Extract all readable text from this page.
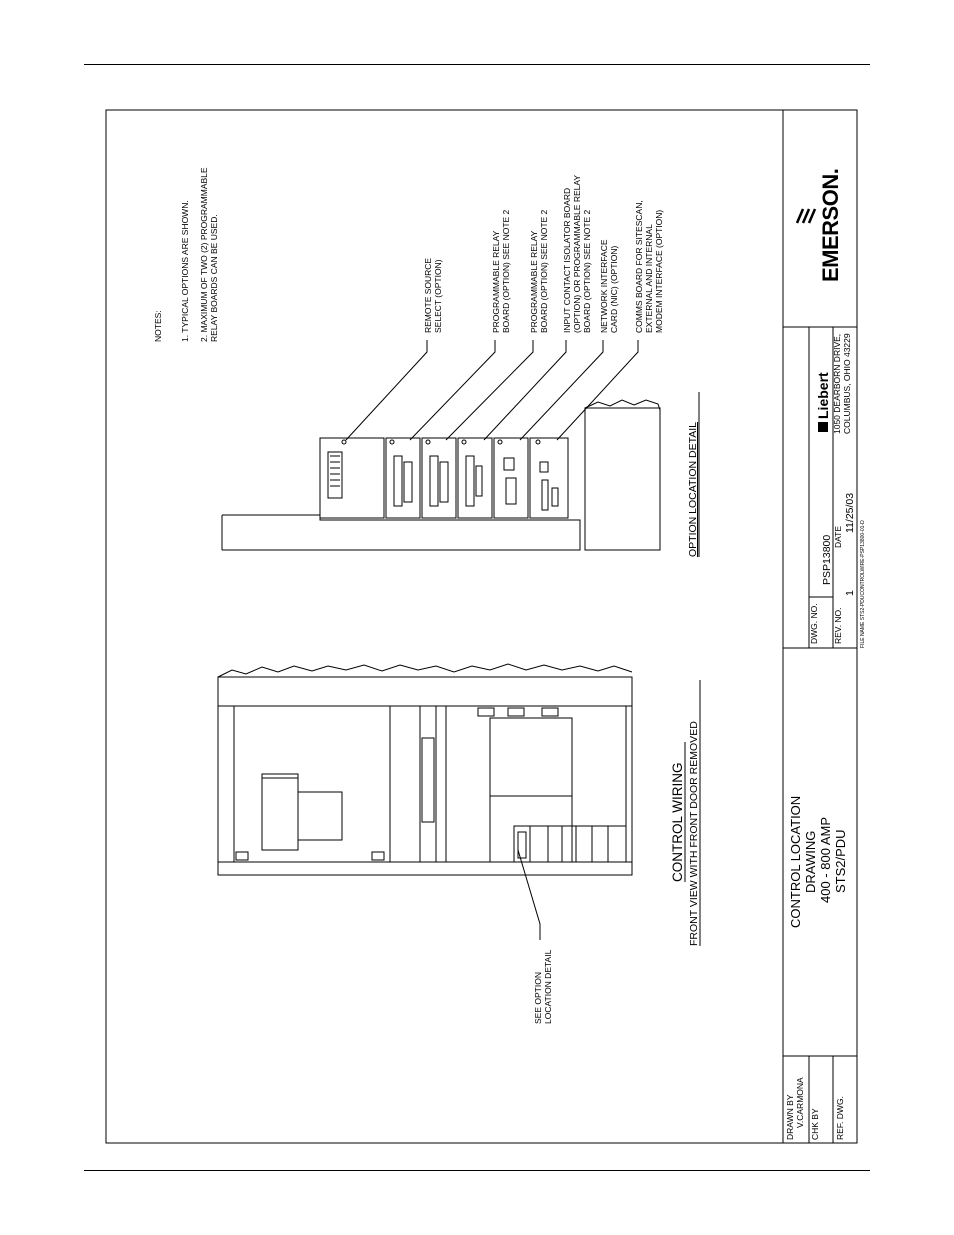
NOTES: 1. TYPICAL OPTIONS ARE SHOWN. 2. MAXIMUM OF TWO (2) PROGRAMMABLE RELAY BOARDS CAN BE USED.	REMOTE SOURCE SELECT (OPTION)	PROGRAMMABLE RELAY BOARD (OPTION) SEE NOTE 2 PROGRAMMABLE RELAY BOARD (OPTION) SEE NOTE 2 INPUT CONTACT ISOLATOR BOARD (OPTION) OR PROGRAMMABLE RELAY BOARD (OPTION) SEE NOTE 2 NETWORK INTERFACE CARD (NIC) (OPTION) COMMS BOARD FOR SITESCAN, EXTERNAL AND INTERNAL MODEM INTERFACE (OPTION)
OPTION LOCATION DETAIL
SEE OPTION LOCATION DETAIL
CONTROL WIRING FRONT VIEW WITH FRONT DOOR REMOVED	CONTROL LOCATION DRAWING 400 - 800 AMP STS2/PDU
DRAWN BY V.CARMONA CHK BY REF. DWG.
DWG. NO.
PSP13800
REV. NO.
1
DATE
11/25/03
FILE NAME STS2-PDUCONTROLWIRE-PSP13800-01-D
Liebert 1050 DEARBORN DRIVE, COLUMBUS, OHIO 43229
EMERSON.
